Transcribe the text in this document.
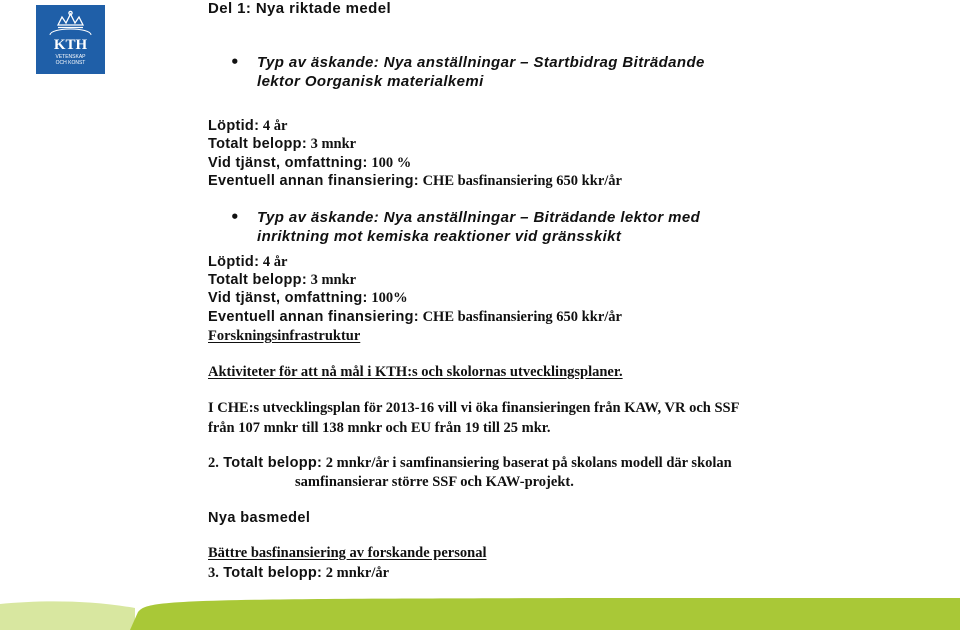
KTH
VETENSKAP
OCH KONST
Del 1: Nya riktade medel
• Typ av äskande: Nya anställningar – Startbidrag Biträdande
lektor Oorganisk materialkemi
Löptid: 4 år
Totalt belopp: 3 mnkr
Vid tjänst, omfattning: 100 %
Eventuell annan finansiering: CHE basfinansiering 650 kkr/år
• Typ av äskande: Nya anställningar – Biträdande lektor med
inriktning mot kemiska reaktioner vid gränsskikt
Löptid: 4 år
Totalt belopp: 3 mnkr
Vid tjänst, omfattning: 100%
Eventuell annan finansiering: CHE basfinansiering 650 kkr/år
Forskningsinfrastruktur
Aktiviteter för att nå mål i KTH:s och skolornas utvecklingsplaner.
I CHE:s utvecklingsplan för 2013-16 vill vi öka finansieringen från KAW, VR och SSF
från 107 mnkr till 138 mnkr och EU från 19 till 25 mkr.
2. Totalt belopp: 2 mnkr/år i samfinansiering baserat på skolans modell där skolan
samfinansierar större SSF och KAW-projekt.
Nya basmedel
Bättre basfinansiering av forskande personal
3. Totalt belopp: 2 mnkr/år
